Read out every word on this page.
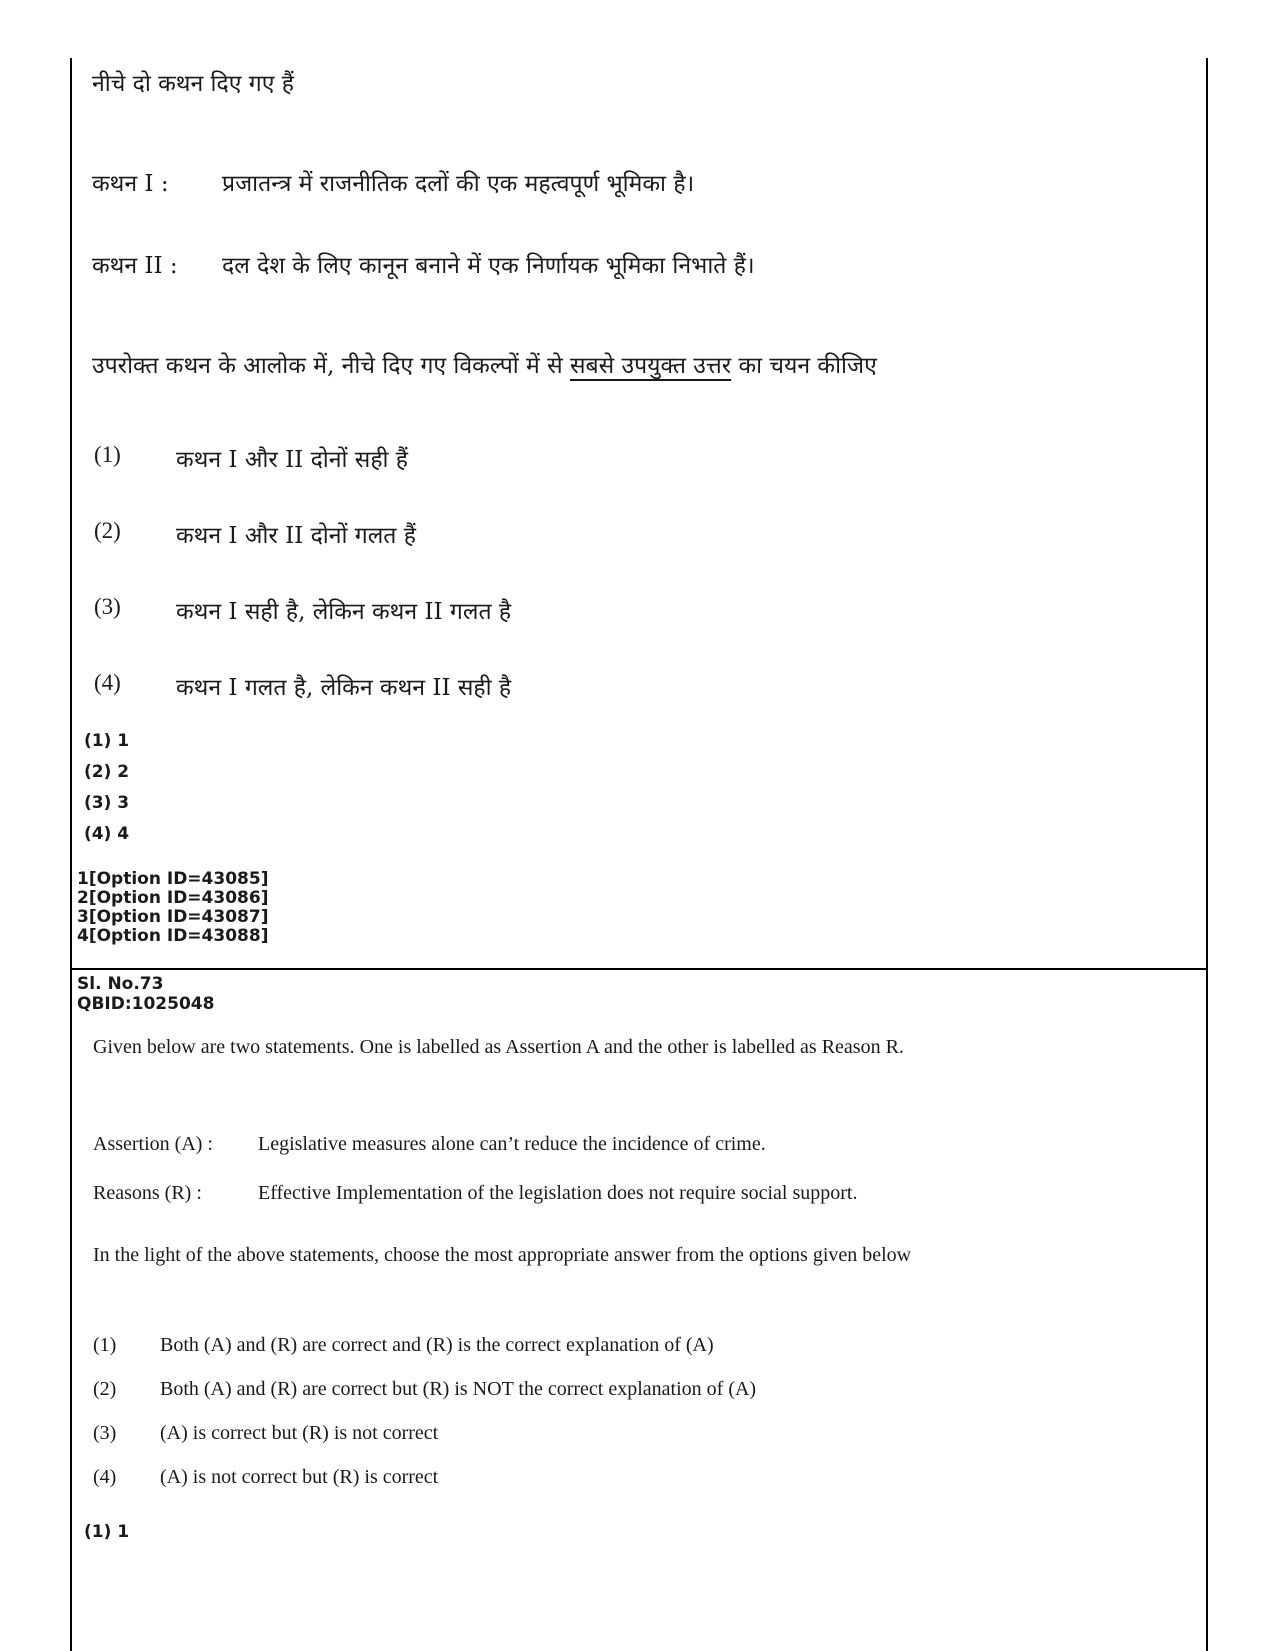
नीचे दो कथन दिए गए हैं
कथन I : प्रजातन्त्र में राजनीतिक दलों की एक महत्वपूर्ण भूमिका है।
कथन II : दल देश के लिए कानून बनाने में एक निर्णायक भूमिका निभाते हैं।
उपरोक्त कथन के आलोक में, नीचे दिए गए विकल्पों में से सबसे उपयुक्त उत्तर का चयन कीजिए
(1) कथन I और II दोनों सही हैं
(2) कथन I और II दोनों गलत हैं
(3) कथन I सही है, लेकिन कथन II गलत है
(4) कथन I गलत है, लेकिन कथन II सही है
(1) 1
(2) 2
(3) 3
(4) 4
1[Option ID=43085]
2[Option ID=43086]
3[Option ID=43087]
4[Option ID=43088]
Sl. No.73
QBID:1025048
Given below are two statements. One is labelled as Assertion A and the other is labelled as Reason R.
Assertion (A) : Legislative measures alone can’t reduce the incidence of crime.
Reasons (R) :	Effective Implementation of the legislation does not require social support.
In the light of the above statements, choose the most appropriate answer from the options given below
(1) Both (A) and (R) are correct and (R) is the correct explanation of (A)
(2) Both (A) and (R) are correct but (R) is NOT the correct explanation of (A)
(3) (A) is correct but (R) is not correct
(4) (A) is not correct but (R) is correct
(1) 1
